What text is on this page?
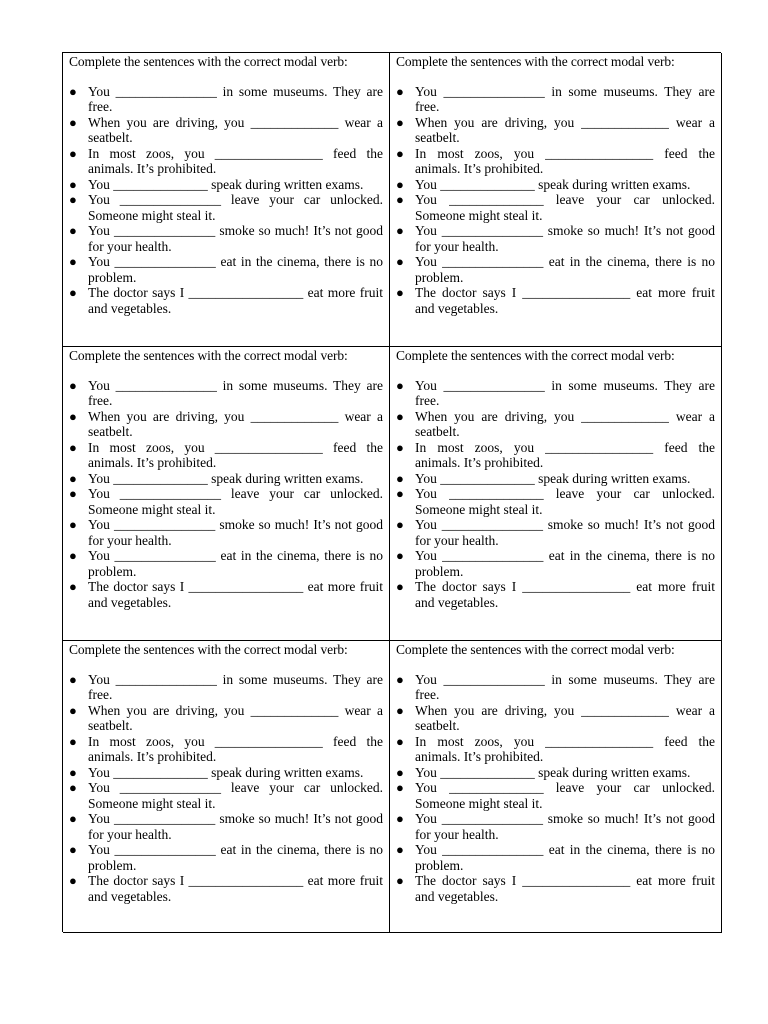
Complete the sentences with the correct modal verb:
● You _______________ in some museums. They are free.
● When you are driving, you _____________ wear a seatbelt.
● In most zoos, you ________________ feed the animals. It’s prohibited.
● You ______________ speak during written exams.
● You _______________ leave your car unlocked. Someone might steal it.
● You _______________ smoke so much! It’s not good for your health.
● You _______________ eat in the cinema, there is no problem.
● The doctor says I _________________ eat more fruit and vegetables.
Complete the sentences with the correct modal verb:
● You _______________ in some museums. They are free.
● When you are driving, you _____________ wear a seatbelt.
● In most zoos, you ________________ feed the animals. It’s prohibited.
● You ______________ speak during written exams.
● You ______________ leave your car unlocked. Someone might steal it.
● You _______________ smoke so much! It’s not good for your health.
● You _______________ eat in the cinema, there is no problem.
● The doctor says I ________________ eat more fruit and vegetables.
Complete the sentences with the correct modal verb:
● You _______________ in some museums. They are free.
● When you are driving, you _____________ wear a seatbelt.
● In most zoos, you ________________ feed the animals. It’s prohibited.
● You ______________ speak during written exams.
● You _______________ leave your car unlocked. Someone might steal it.
● You _______________ smoke so much! It’s not good for your health.
● You _______________ eat in the cinema, there is no problem.
● The doctor says I _________________ eat more fruit and vegetables.
Complete the sentences with the correct modal verb:
● You _______________ in some museums. They are free.
● When you are driving, you _____________ wear a seatbelt.
● In most zoos, you ________________ feed the animals. It’s prohibited.
● You ______________ speak during written exams.
● You ______________ leave your car unlocked. Someone might steal it.
● You _______________ smoke so much! It’s not good for your health.
● You _______________ eat in the cinema, there is no problem.
● The doctor says I ________________ eat more fruit and vegetables.
Complete the sentences with the correct modal verb:
● You _______________ in some museums. They are free.
● When you are driving, you _____________ wear a seatbelt.
● In most zoos, you ________________ feed the animals. It’s prohibited.
● You ______________ speak during written exams.
● You _______________ leave your car unlocked. Someone might steal it.
● You _______________ smoke so much! It’s not good for your health.
● You _______________ eat in the cinema, there is no problem.
● The doctor says I _________________ eat more fruit and vegetables.
Complete the sentences with the correct modal verb:
● You _______________ in some museums. They are free.
● When you are driving, you _____________ wear a seatbelt.
● In most zoos, you ________________ feed the animals. It’s prohibited.
● You ______________ speak during written exams.
● You ______________ leave your car unlocked. Someone might steal it.
● You _______________ smoke so much! It’s not good for your health.
● You _______________ eat in the cinema, there is no problem.
● The doctor says I ________________ eat more fruit and vegetables.
